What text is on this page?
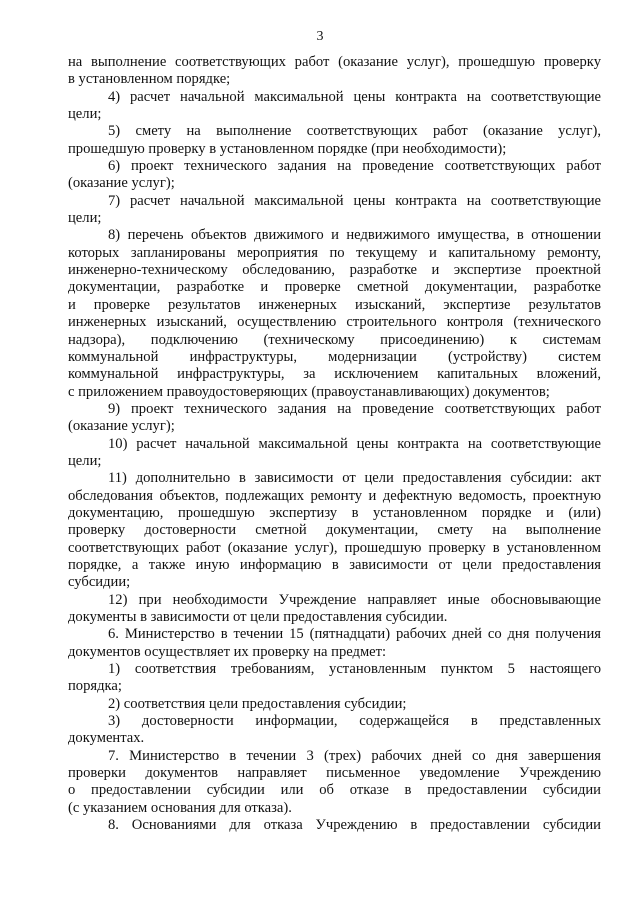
3
на выполнение соответствующих работ (оказание услуг), прошедшую проверку
в установленном порядке;
4) расчет начальной максимальной цены контракта на соответствующие
цели;
5) смету на выполнение соответствующих работ (оказание услуг),
прошедшую проверку в установленном порядке (при необходимости);
6) проект технического задания на проведение соответствующих работ
(оказание услуг);
7) расчет начальной максимальной цены контракта на соответствующие
цели;
8) перечень объектов движимого и недвижимого имущества, в отношении
которых запланированы мероприятия по текущему и капитальному ремонту,
инженерно-техническому обследованию, разработке и экспертизе проектной
документации, разработке и проверке сметной документации, разработке
и проверке результатов инженерных изысканий, экспертизе результатов
инженерных изысканий, осуществлению строительного контроля (технического
надзора), подключению (техническому присоединению) к системам
коммунальной инфраструктуры, модернизации (устройству) систем
коммунальной инфраструктуры, за исключением капитальных вложений,
с приложением правоудостоверяющих (правоустанавливающих) документов;
9) проект технического задания на проведение соответствующих работ
(оказание услуг);
10) расчет начальной максимальной цены контракта на соответствующие
цели;
11) дополнительно в зависимости от цели предоставления субсидии: акт
обследования объектов, подлежащих ремонту и дефектную ведомость, проектную
документацию, прошедшую экспертизу в установленном порядке и (или)
проверку достоверности сметной документации, смету на выполнение
соответствующих работ (оказание услуг), прошедшую проверку в установленном
порядке, а также иную информацию в зависимости от цели предоставления
субсидии;
12) при необходимости Учреждение направляет иные обосновывающие
документы в зависимости от цели предоставления субсидии.
6. Министерство в течении 15 (пятнадцати) рабочих дней со дня получения
документов осуществляет их проверку на предмет:
1) соответствия требованиям, установленным пунктом 5 настоящего
порядка;
2) соответствия цели предоставления субсидии;
3) достоверности информации, содержащейся в представленных
документах.
7. Министерство в течении 3 (трех) рабочих дней со дня завершения
проверки документов направляет письменное уведомление Учреждению
о предоставлении субсидии или об отказе в предоставлении субсидии
(с указанием основания для отказа).
8. Основаниями для отказа Учреждению в предоставлении субсидии
